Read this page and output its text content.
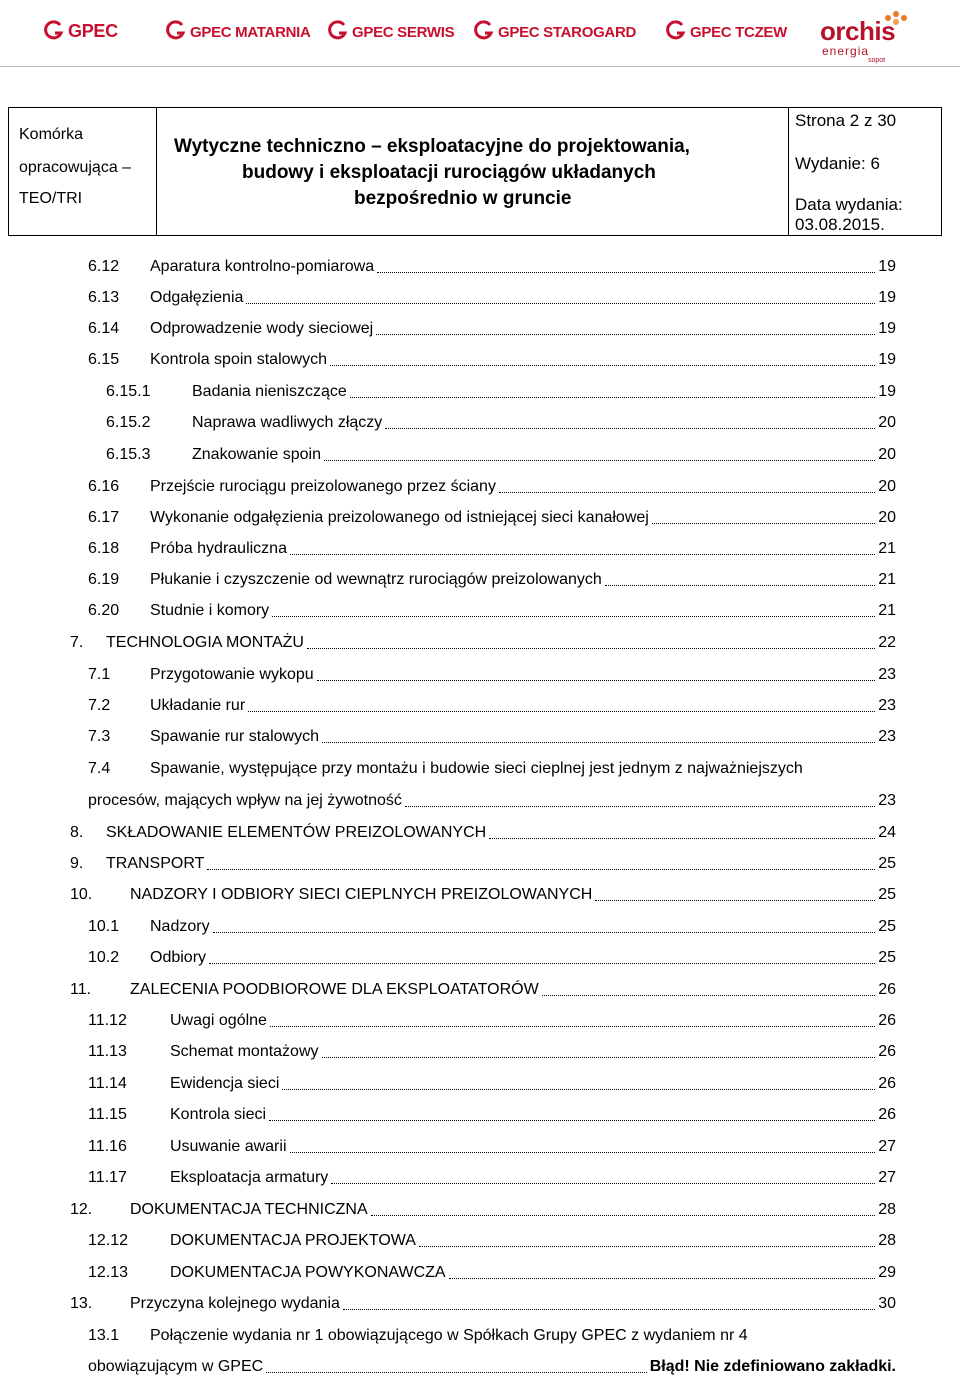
GPEC	GPEC MATARNIA	GPEC SERWIS	GPEC STAROGARD	GPEC TCZEW orchis
energia
sopot
Komórka
opracowująca –
TEO/TRI
Wytyczne techniczno – eksploatacyjne do projektowania,
budowy i eksploatacji rurociągów układanych
bezpośrednio w gruncie
Strona 2 z 30
Wydanie: 6
Data wydania:
03.08.2015.
6.12 Aparatura kontrolno-pomiarowa	19
6.13 Odgałęzienia	19
6.14 Odprowadzenie wody sieciowej	19
6.15 Kontrola spoin stalowych	19
6.15.1	Badania nieniszczące	19
6.15.2	Naprawa wadliwych złączy	20
6.15.3	Znakowanie spoin	20
6.16 Przejście rurociągu preizolowanego przez ściany	20
6.17 Wykonanie odgałęzienia preizolowanego od istniejącej sieci kanałowej	20
6.18 Próba hydrauliczna	21
6.19 Płukanie i czyszczenie od wewnątrz rurociągów preizolowanych	21
6.20 Studnie i komory	21
7. TECHNOLOGIA MONTAŻU	22
7.1 Przygotowanie wykopu	23
7.2 Układanie rur	23
7.3 Spawanie rur stalowych	23
7.4 Spawanie, występujące przy montażu i budowie sieci cieplnej jest jednym z najważniejszych
procesów, mających wpływ na jej żywotność	23
8. SKŁADOWANIE ELEMENTÓW PREIZOLOWANYCH	24
9. TRANSPORT	25
10. NADZORY I ODBIORY SIECI CIEPLNYCH PREIZOLOWANYCH	25
10.1 Nadzory	25
10.2 Odbiory	25
11. ZALECENIA POODBIOROWE DLA EKSPLOATATORÓW	26
11.12	Uwagi ogólne	26
11.13	Schemat montażowy	26
11.14	Ewidencja sieci	26
11.15	Kontrola sieci	26
11.16	Usuwanie awarii	27
11.17	Eksploatacja armatury	27
12. DOKUMENTACJA TECHNICZNA	28
12.12	DOKUMENTACJA PROJEKTOWA	28
12.13	DOKUMENTACJA POWYKONAWCZA	29
13. Przyczyna kolejnego wydania	30
13.1 Połączenie wydania nr 1 obowiązującego w Spółkach Grupy GPEC z wydaniem nr 4
obowiązującym w GPEC	Błąd! Nie zdefiniowano zakładki.
